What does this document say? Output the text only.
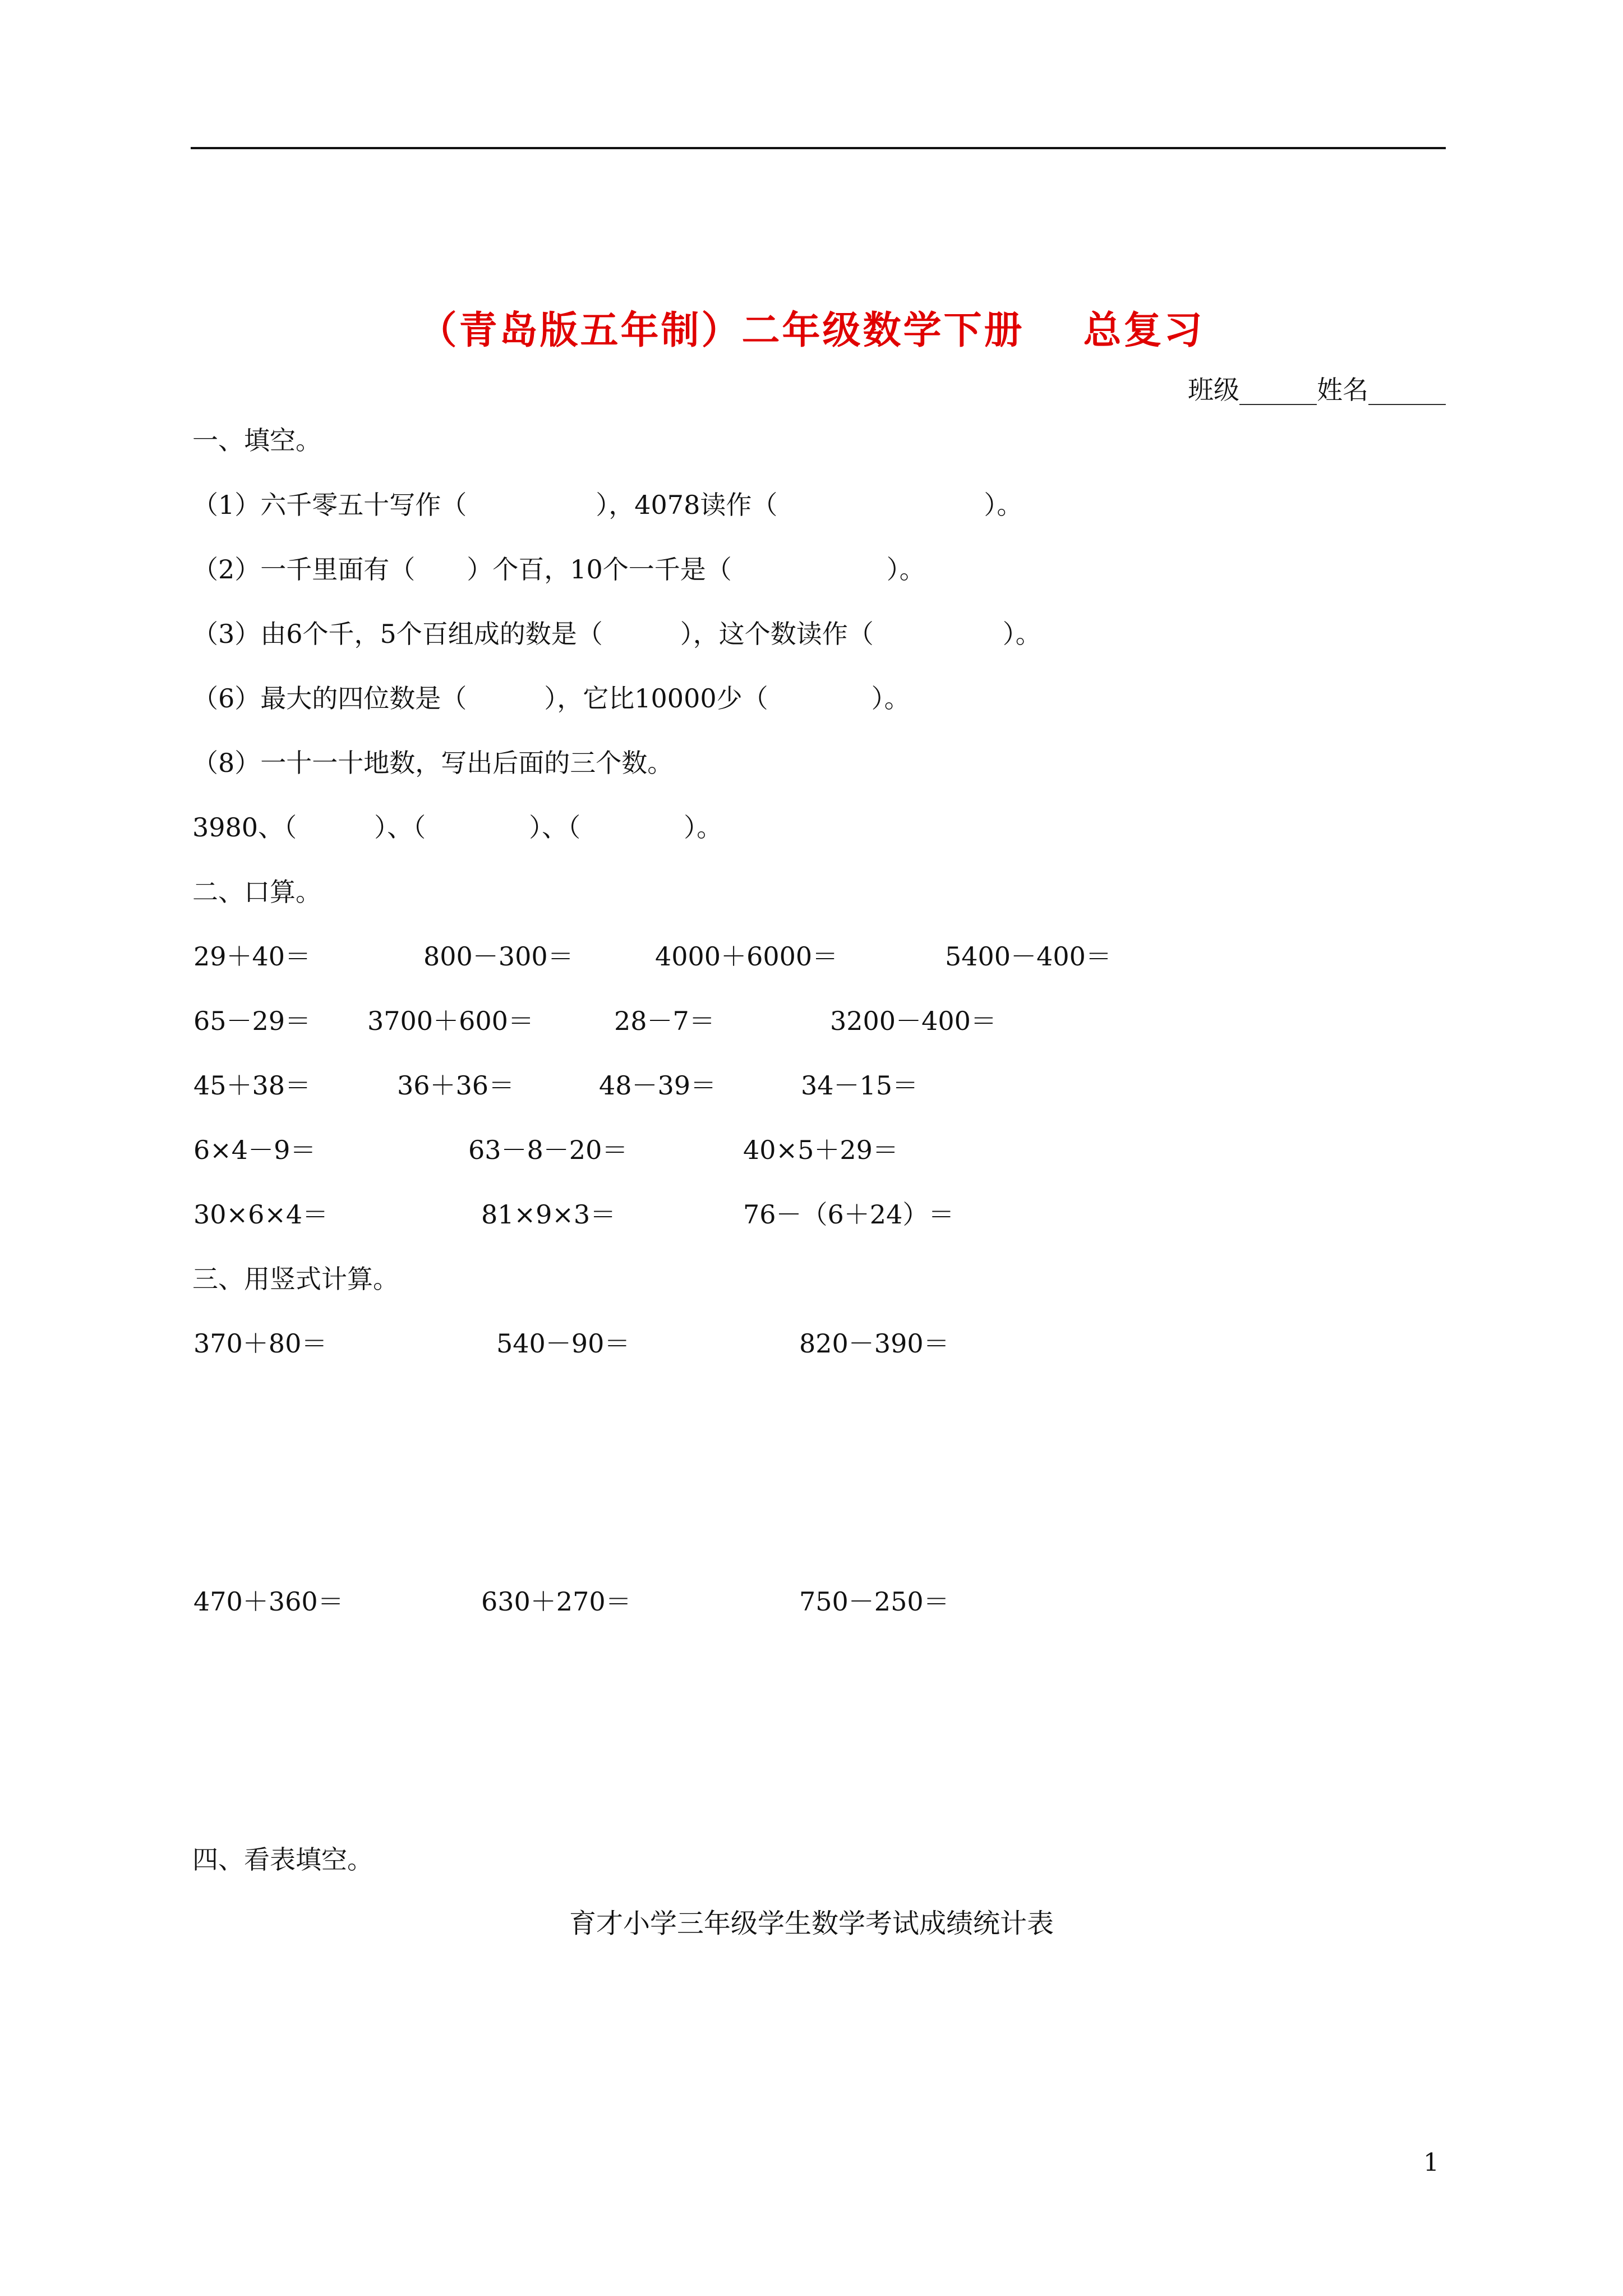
（青岛版五年制）二年级数学下册 总复习
班级______姓名______
一、填空。
（1）六千零五十写作（　　　　　），4078读作（　　　　　　　　）。
（2）一千里面有（　　）个百，10个一千是（　　　　　　）。
（3）由6个千，5个百组成的数是（　　　），这个数读作（　　　　　）。
（6）最大的四位数是（　　　），它比10000少（　　　　）。
（8）一十一十地数，写出后面的三个数。
3980、（　　　）、（　　　　）、（　　　　）。
二、口算。
29＋40＝	800－300＝	4000＋6000＝	5400－400＝
65－29＝ 3700＋600＝	28－7＝	3200－400＝
45＋38＝	36＋36＝	48－39＝	34－15＝
6×4－9＝	63－8－20＝	40×5＋29＝
30×6×4＝	81×9×3＝	76－（6＋24）＝
三、用竖式计算。
370＋80＝	540－90＝	820－390＝
470＋360＝	630＋270＝	750－250＝
四、看表填空。
育才小学三年级学生数学考试成绩统计表
1
